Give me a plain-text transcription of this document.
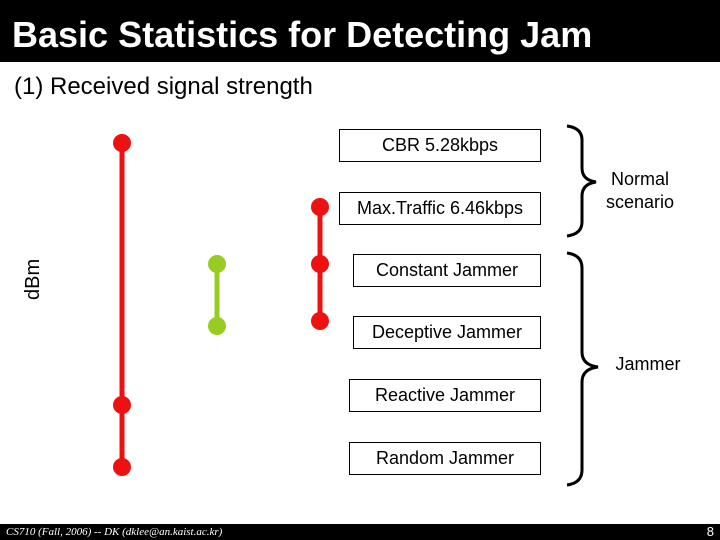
Basic Statistics for Detecting Jam
(1) Received signal strength
dBm
CBR 5.28kbps
Max.Traffic 6.46kbps
Constant Jammer
Deceptive Jammer
Reactive Jammer
Random Jammer
Normal
scenario
Jammer
CS710 (Fall, 2006) -- DK (dklee@an.kaist.ac.kr)	8
